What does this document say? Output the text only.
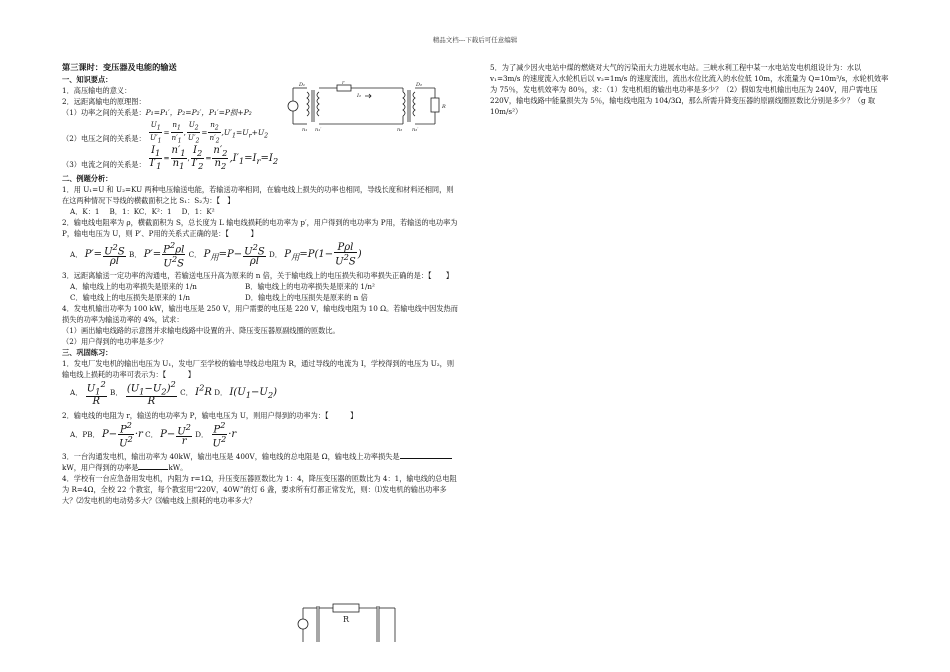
精品文档---下载后可任意编辑
第三课时：变压器及电能的输送
一、知识要点：

1．高压输电的意义：

2．远距离输电的原理图：

（1）功率之间的关系是：P₁=P₁′，P₂=P₂′，P₁′=P损+P₂

（2）电压之间的关系是： $\frac{U_1}{U'_1} = \frac{n_1}{n'_1}$ , $\frac{U_2}{U'_2} = \frac{n_2}{n'_2} ,U'_1=U_r+U_2$

（3）电流之间的关系是： $\frac{I_1}{I'_1} = \frac{n'_1}{n_1}$ , $\frac{I_2}{I'_2} = \frac{n'_2}{n_2} ,I'_1=I_r=I_2$

二、例题分析：

1．用 U₁=U 和 U₂=KU 两种电压输送电能，若输送功率相同，在输电线上损失的功率也相同，导线长度和材料还相同，则在这两种情况下导线的横截面积之比 S₁：S₂为：【　】

A．K：1 B．1：KC．K²：1 D．1：K²

2．输电线电阻率为 ρ，横截面积为 S，总长度为 L 输电线损耗的电功率为 p′，用户得到的电功率为 P用，若输送的电功率为 P，输电电压为 U，则 P′、P用的关系式正确的是：【　　　】

A． $P'= \frac{U^2S}{\rho l}$ B． $P'= \frac{P^2\rho l}{U^2S}$ C． $P_用=P- \frac{U^2S}{\rho l}$ D． $P_用=P(1- \frac{\text{Pρl}}{U^2S}$ )

3．远距离输送一定功率的沟通电，若输送电压升高为原来的 n 倍，关于输电线上的电压损失和功率损失正确的是：【　　】

A．输电线上的电功率损失是原来的 1/n	B．输电线上的电功率损失是原来的 1/n²

C．输电线上的电压损失是原来的 1/n	D．输电线上的电压损失是原来的 n 倍

4．发电机输出功率为 100 kW，输出电压是 250 V，用户需要的电压是 220 V，输电线电阻为 10 Ω。若输电线中因发热而损失的功率为输送功率的 4%，试求：

（1）画出输电线路的示意图并求输电线路中设置的升、降压变压器原副线圈的匝数比。

（2）用户得到的电功率是多少？

三、巩固练习：

1．发电厂发电机的输出电压为 U₁，发电厂至学校的输电导线总电阻为 R，通过导线的电流为 I，学校得到的电压为 U₂，则输电线上损耗的功率可表示为：【　　　】

A． $\frac{U_1^2}{R}$ B． $\frac{(U_1-U_2)^2}{R}$ C． $I^2R$ D． $I(U_1-U_2)$

2．输电线的电阻为 r，输送的电功率为 P，输电电压为 U，则用户得到的功率为：【　　　】

A．PB． $P- \frac{P^2}{U^2} \cdot r$ C． $P- \frac{U^2}{r}$ D． $\frac{P^2}{U^2} \cdot r$

3．一台沟通发电机，输出功率为 40kW，输出电压是 400V，输电线的总电阻是 Ω，输电线上功率损失是kW，用户得到的功率是	kW。

4．学校有一台应急备用发电机，内阻为 r=1Ω，升压变压器匝数比为 1：4，降压变压器的匝数比为 4：1，输电线的总电阻为 R=4Ω，全校 22 个教室，每个教室用“220V，40W”的灯 6 盏，要求所有灯都正常发光，则：⑴发电机的输出功率多大？⑵发电机的电动势多大？⑶输电线上损耗的电功率多大？

D₁	r
I₂
D₂
R
n₁ n₁′	n₂ n₂′
R

5．为了减少因火电站中煤的燃烧对大气的污染而大力进展水电站。三峡水利工程中某一水电站发电机组设计为：水以 v₁=3m/s 的速度流入水轮机后以 v₂=1m/s 的速度流出，流出水位比流入的水位低 10m，水流量为 Q=10m³/s，水轮机效率为 75％，发电机效率为 80％，求：（1）发电机组的输出电功率是多少？（2）假如发电机输出电压为 240V，用户需电压 220V，输电线路中能量损失为 5％，输电线电阻为 104/3Ω，那么所需升降变压器的原副线圈匝数比分别是多少？（g 取 10m/s²）
